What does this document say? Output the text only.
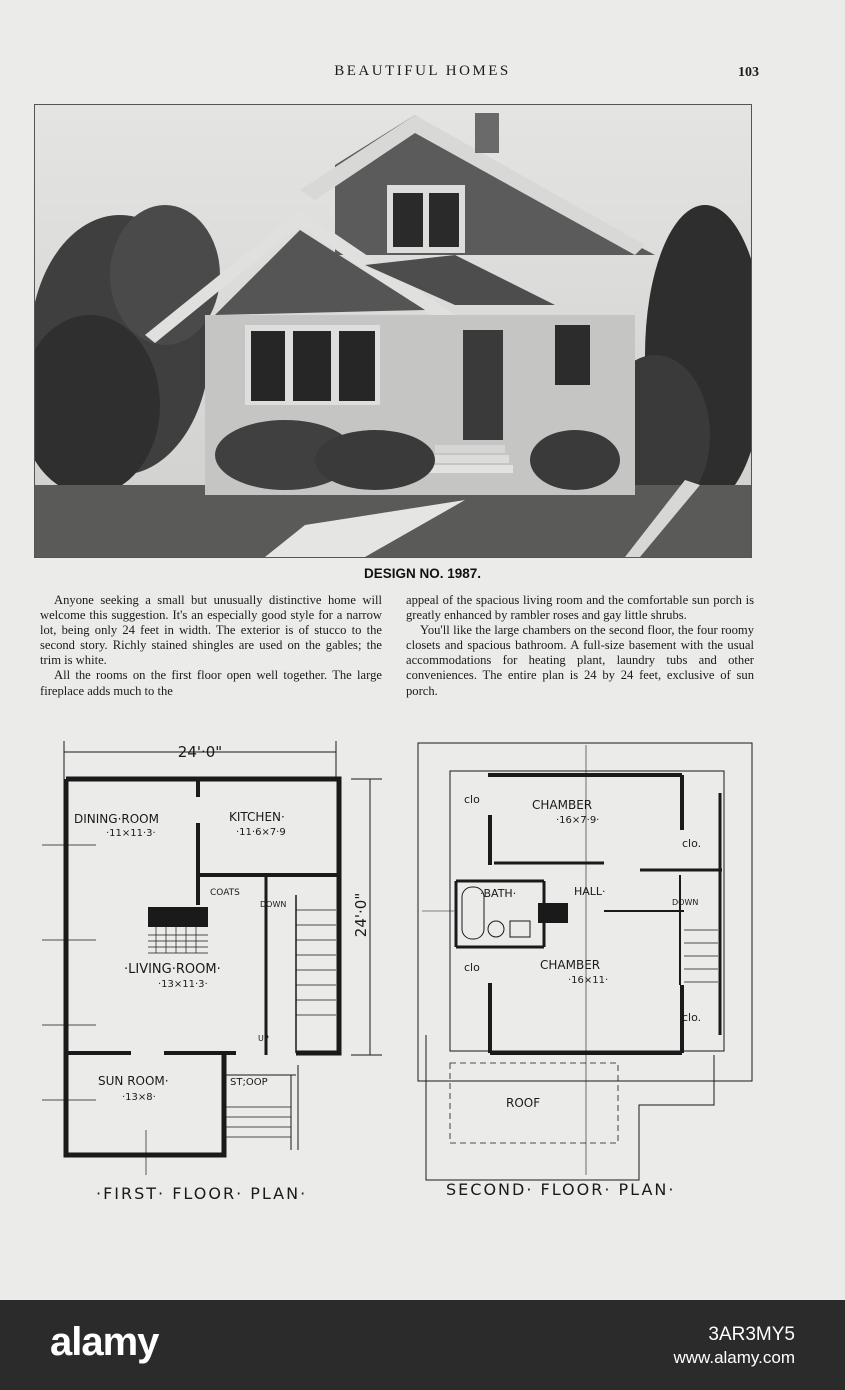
BEAUTIFUL HOMES	103
DESIGN NO. 1987.

Anyone seeking a small but unusually distinctive home will welcome this suggestion. It's an especially good style for a narrow lot, being only 24 feet in width. The exterior is of stucco to the second story. Richly stained shingles are used on the gables; the trim is white.

All the rooms on the first floor open well together. The large fireplace adds much to the

appeal of the spacious living room and the comfortable sun porch is greatly enhanced by rambler roses and gay little shrubs.

You'll like the large chambers on the second floor, the four roomy closets and spacious bathroom. A full-size basement with the usual accommodations for heating plant, laundry tubs and other conveniences. The entire plan is 24 by 24 feet, exclusive of sun porch.

24'·0"
24'·0"
DINING·ROOM
·11×11·3·
KITCHEN·
·11·6×7·9
COATS
DOWN
·LIVING·ROOM·
·13×11·3·
UP
SUN ROOM·
·13×8·
ST;OOP
·FIRST· FLOOR· PLAN·
clo	CHAMBER
·16×7·9·
clo.
·BATH·	HALL·
DOWN
clo	CHAMBER
·16×11·
clo.
ROOF
SECOND· FLOOR· PLAN·
alamy	3AR3MY5
www.alamy.com
